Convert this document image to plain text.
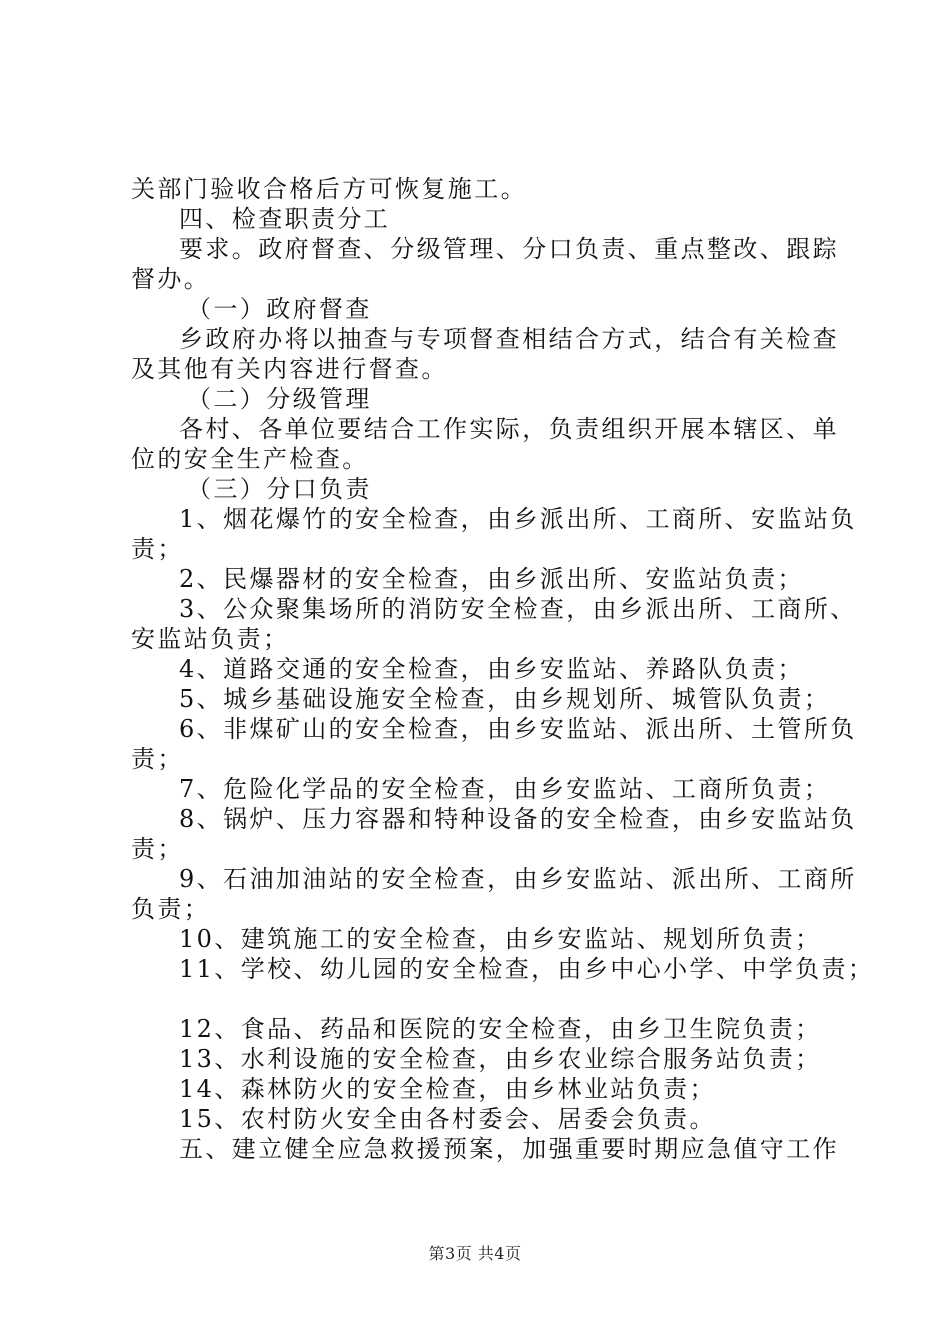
关部门验收合格后方可恢复施工。
四、检查职责分工
要求。政府督查、分级管理、分口负责、重点整改、跟踪
督办。
（一）政府督查
乡政府办将以抽查与专项督查相结合方式，结合有关检查
及其他有关内容进行督查。
（二）分级管理
各村、各单位要结合工作实际，负责组织开展本辖区、单
位的安全生产检查。
（三）分口负责
1、烟花爆竹的安全检查，由乡派出所、工商所、安监站负
责；
2、民爆器材的安全检查，由乡派出所、安监站负责；
3、公众聚集场所的消防安全检查，由乡派出所、工商所、
安监站负责；
4、道路交通的安全检查，由乡安监站、养路队负责；
5、城乡基础设施安全检查，由乡规划所、城管队负责；
6、非煤矿山的安全检查，由乡安监站、派出所、土管所负
责；
7、危险化学品的安全检查，由乡安监站、工商所负责；
8、锅炉、压力容器和特种设备的安全检查，由乡安监站负
责；
9、石油加油站的安全检查，由乡安监站、派出所、工商所
负责；
10、建筑施工的安全检查，由乡安监站、规划所负责；
11、学校、幼儿园的安全检查，由乡中心小学、中学负责；
12、食品、药品和医院的安全检查，由乡卫生院负责；
13、水利设施的安全检查，由乡农业综合服务站负责；
14、森林防火的安全检查，由乡林业站负责；
15、农村防火安全由各村委会、居委会负责。
五、建立健全应急救援预案，加强重要时期应急值守工作
第3页 共4页
